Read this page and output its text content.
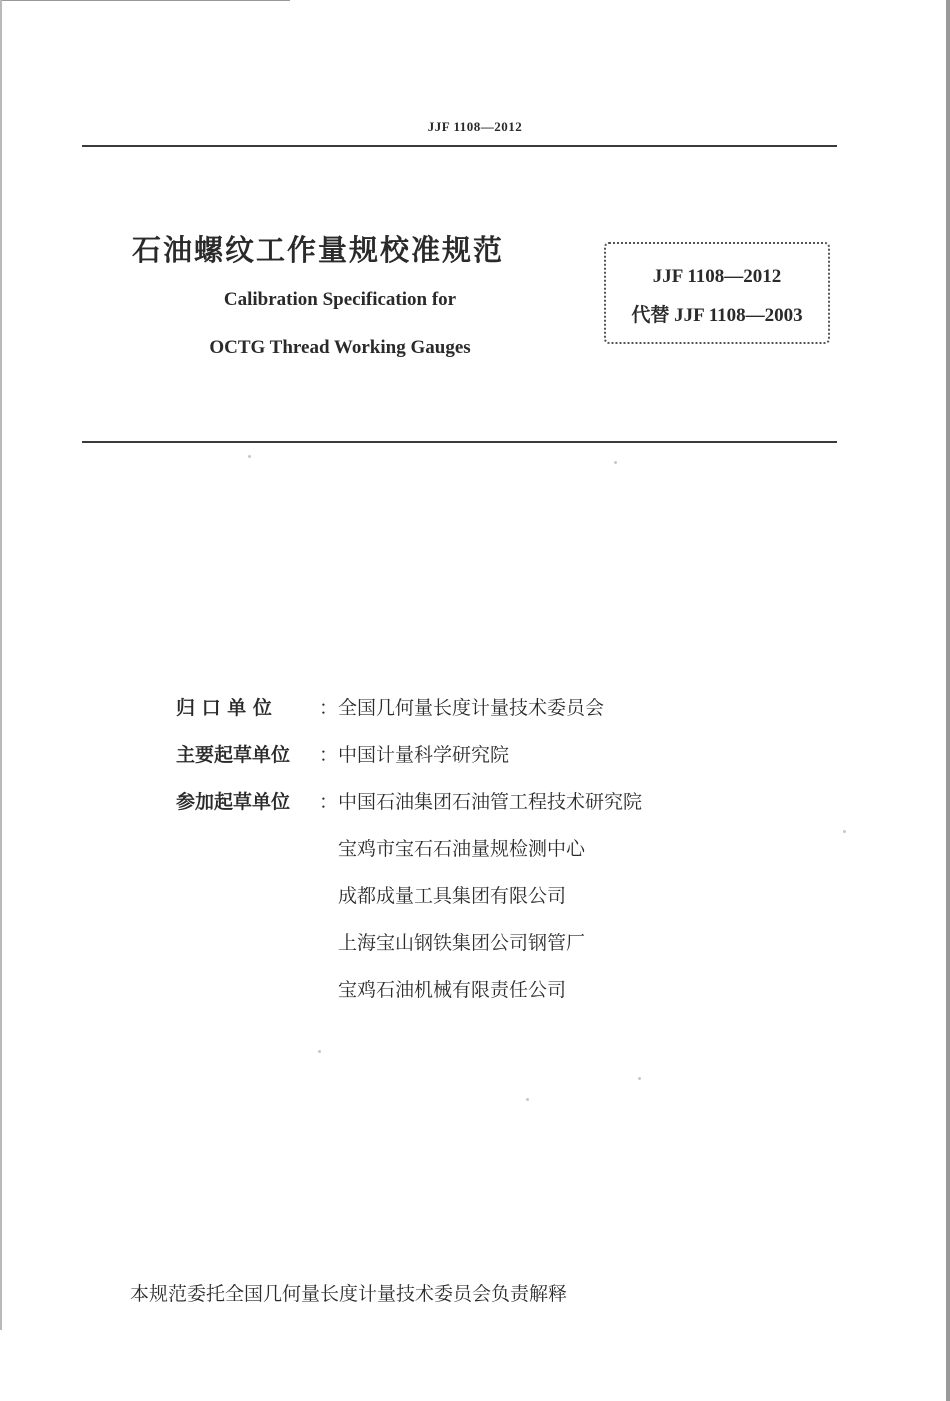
JJF 1108—2012
石油螺纹工作量规校准规范
Calibration Specification for
OCTG Thread Working Gauges
JJF 1108—2012
代替 JJF 1108—2003
归 口 单 位	： 全国几何量长度计量技术委员会
主要起草单位	： 中国计量科学研究院
参加起草单位	： 中国石油集团石油管工程技术研究院
宝鸡市宝石石油量规检测中心
成都成量工具集团有限公司
上海宝山钢铁集团公司钢管厂
宝鸡石油机械有限责任公司
本规范委托全国几何量长度计量技术委员会负责解释
